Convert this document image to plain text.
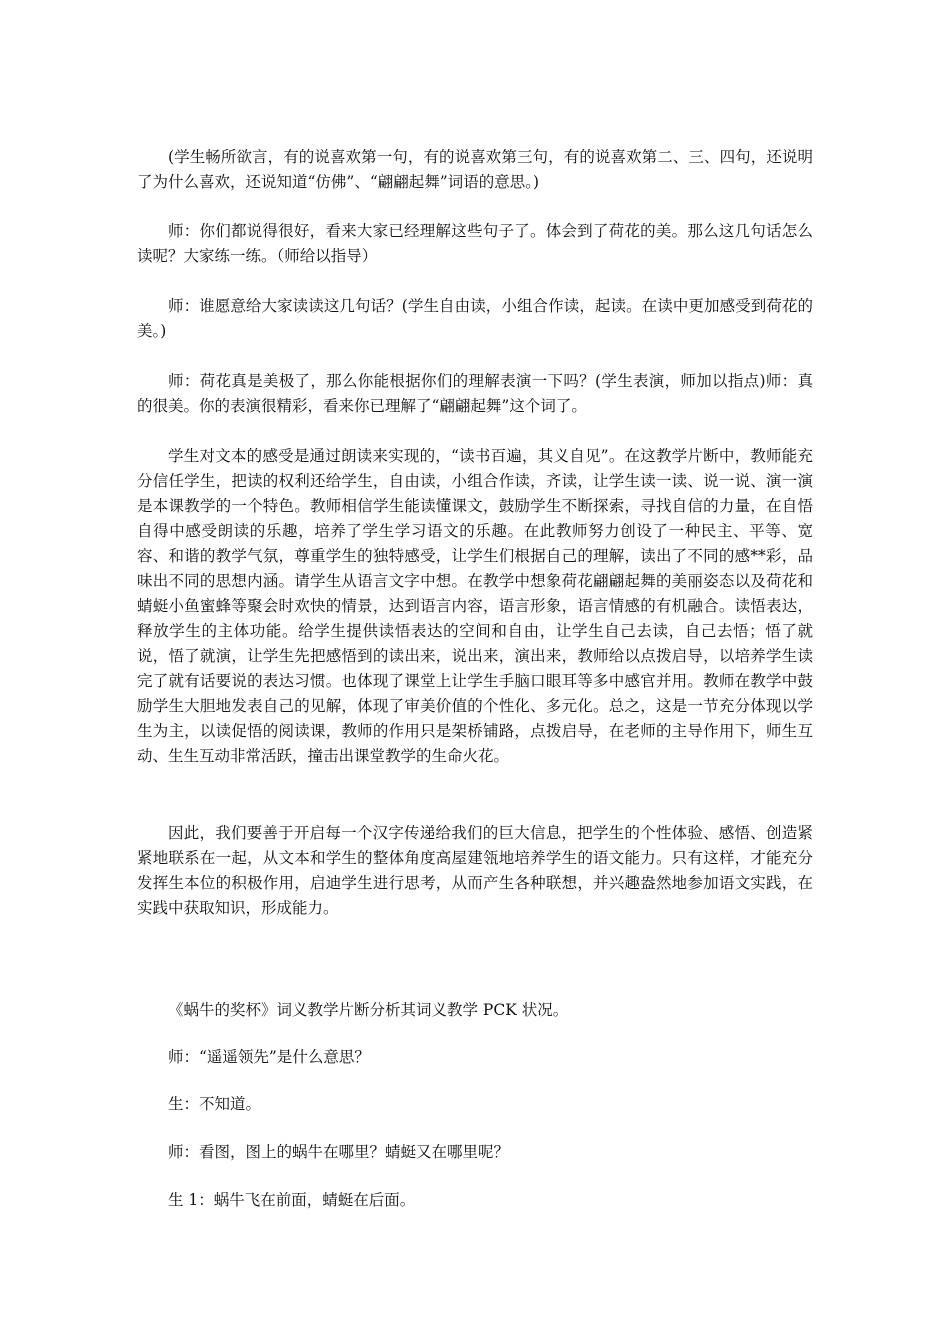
(学生畅所欲言，有的说喜欢第一句，有的说喜欢第三句，有的说喜欢第二、三、四句，还说明了为什么喜欢，还说知道“仿佛”、“翩翩起舞”词语的意思。)

师：你们都说得很好，看来大家已经理解这些句子了。体会到了荷花的美。那么这几句话怎么读呢？大家练一练。（师给以指导）

师：谁愿意给大家读读这几句话？(学生自由读，小组合作读，起读。在读中更加感受到荷花的美。)

师：荷花真是美极了，那么你能根据你们的理解表演一下吗？(学生表演，师加以指点)师：真的很美。你的表演很精彩，看来你已理解了“翩翩起舞”这个词了。

学生对文本的感受是通过朗读来实现的，“读书百遍，其义自见”。在这教学片断中，教师能充分信任学生，把读的权利还给学生，自由读，小组合作读，齐读，让学生读一读、说一说、演一演是本课教学的一个特色。教师相信学生能读懂课文，鼓励学生不断探索，寻找自信的力量，在自悟自得中感受朗读的乐趣，培养了学生学习语文的乐趣。在此教师努力创设了一种民主、平等、宽容、和谐的教学气氛，尊重学生的独特感受，让学生们根据自己的理解，读出了不同的感**彩，品味出不同的思想内涵。请学生从语言文字中想。在教学中想象荷花翩翩起舞的美丽姿态以及荷花和蜻蜓小鱼蜜蜂等聚会时欢快的情景，达到语言内容，语言形象，语言情感的有机融合。读悟表达，释放学生的主体功能。给学生提供读悟表达的空间和自由，让学生自己去读，自己去悟；悟了就说，悟了就演，让学生先把感悟到的读出来，说出来，演出来，教师给以点拨启导，以培养学生读完了就有话要说的表达习惯。也体现了课堂上让学生手脑口眼耳等多中感官并用。教师在教学中鼓励学生大胆地发表自己的见解，体现了审美价值的个性化、多元化。总之，这是一节充分体现以学生为主，以读促悟的阅读课，教师的作用只是架桥铺路，点拨启导，在老师的主导作用下，师生互动、生生互动非常活跃，撞击出课堂教学的生命火花。

因此，我们要善于开启每一个汉字传递给我们的巨大信息，把学生的个性体验、感悟、创造紧紧地联系在一起，从文本和学生的整体角度高屋建瓴地培养学生的语文能力。只有这样，才能充分发挥生本位的积极作用，启迪学生进行思考，从而产生各种联想，并兴趣盎然地参加语文实践，在实践中获取知识，形成能力。

《蜗牛的奖杯》词义教学片断分析其词义教学 PCK 状况。

师：“遥遥领先”是什么意思？

生：不知道。

师：看图，图上的蜗牛在哪里？蜻蜓又在哪里呢？

生 1：蜗牛飞在前面，蜻蜓在后面。
